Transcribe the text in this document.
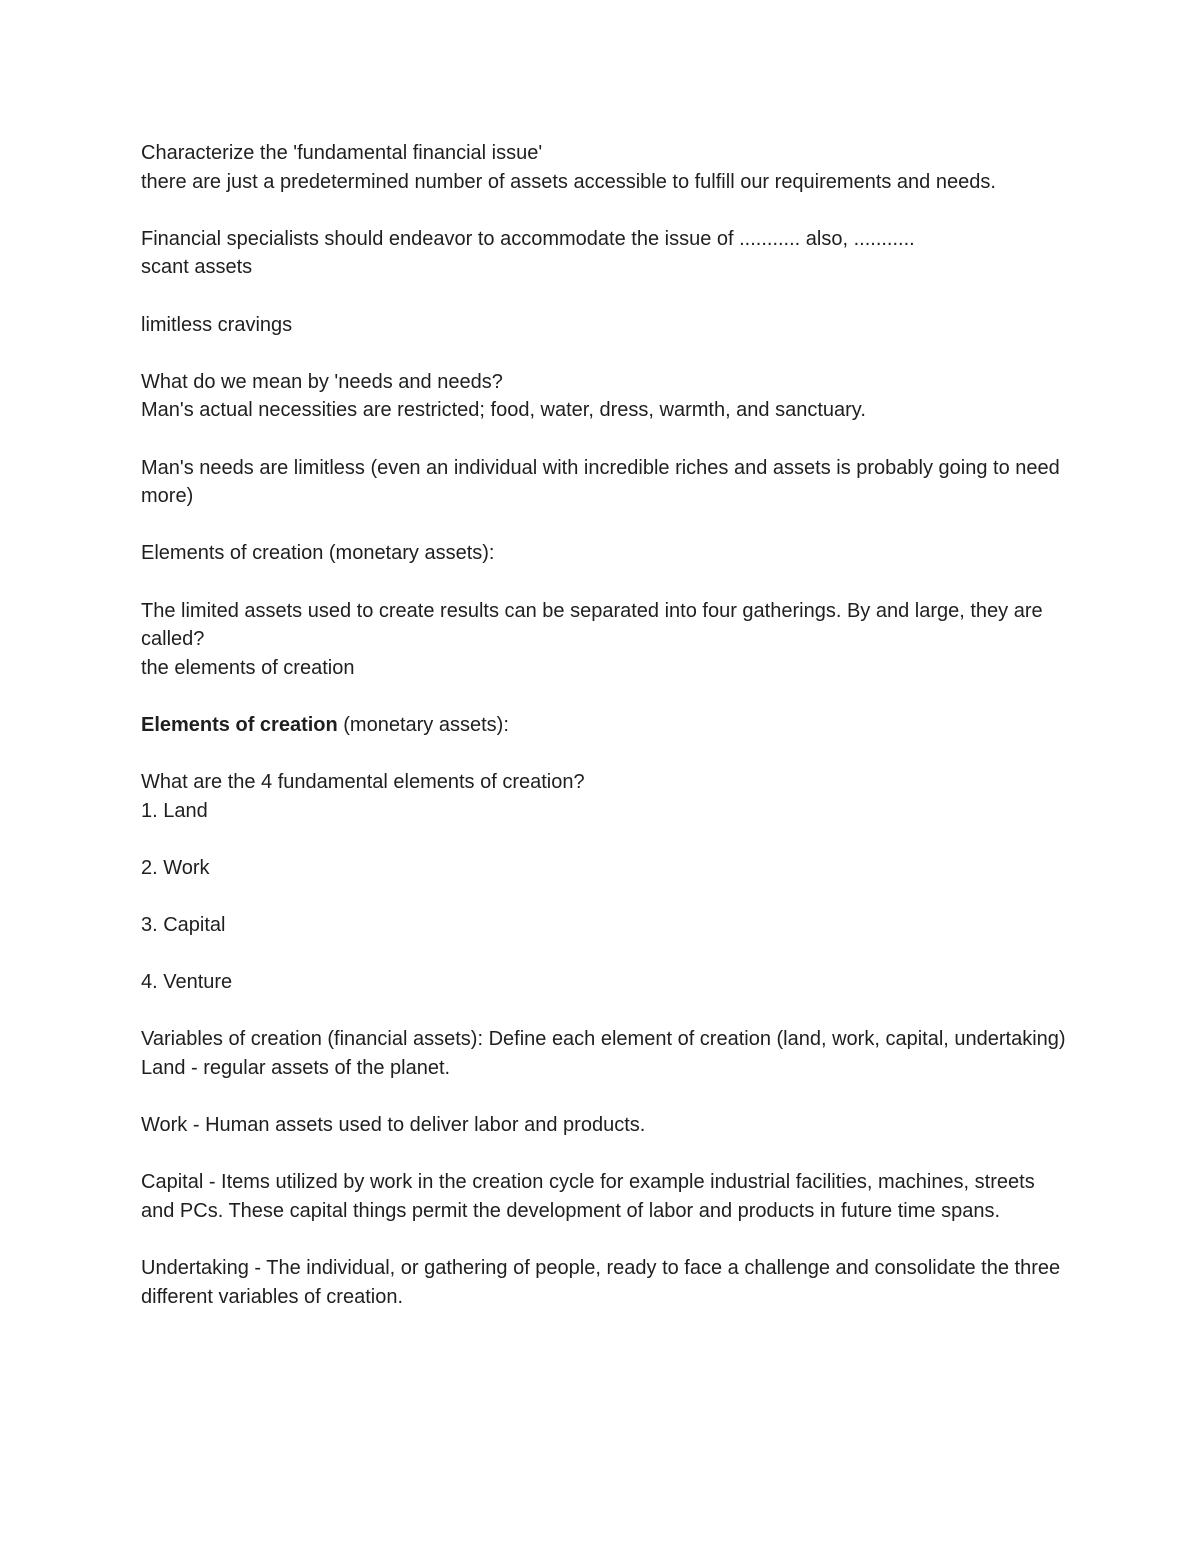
Characterize the 'fundamental financial issue'
there are just a predetermined number of assets accessible to fulfill our requirements and needs.
Financial specialists should endeavor to accommodate the issue of ........... also, ...........
scant assets
limitless cravings
What do we mean by 'needs and needs?
Man's actual necessities are restricted; food, water, dress, warmth, and sanctuary.
Man's needs are limitless (even an individual with incredible riches and assets is probably going to need more)
Elements of creation (monetary assets):
The limited assets used to create results can be separated into four gatherings. By and large, they are called?
the elements of creation
Elements of creation (monetary assets):
What are the 4 fundamental elements of creation?
1. Land
2. Work
3. Capital
4. Venture
Variables of creation (financial assets): Define each element of creation (land, work, capital, undertaking)
Land - regular assets of the planet.
Work - Human assets used to deliver labor and products.
Capital - Items utilized by work in the creation cycle for example industrial facilities, machines, streets and PCs. These capital things permit the development of labor and products in future time spans.
Undertaking - The individual, or gathering of people, ready to face a challenge and consolidate the three different variables of creation.
